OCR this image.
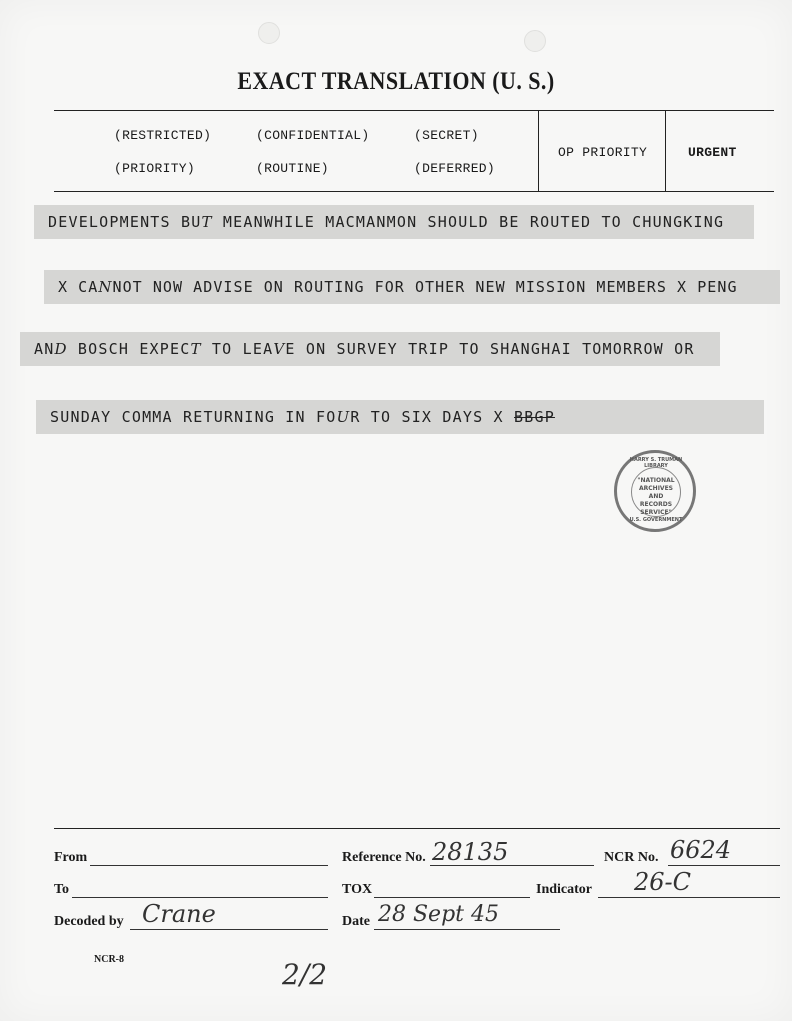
EXACT TRANSLATION (U. S.)
(RESTRICTED)	(CONFIDENTIAL)	(SECRET)
(PRIORITY)	(ROUTINE)	(DEFERRED)
OP PRIORITY	URGENT
DEVELOPMENTS BUT MEANWHILE MACMANMON SHOULD BE ROUTED TO CHUNGKING
X CANNOT NOW ADVISE ON ROUTING FOR OTHER NEW MISSION MEMBERS X PENG
AND BOSCH EXPECT TO LEAVE ON SURVEY TRIP TO SHANGHAI TOMORROW OR
SUNDAY COMMA RETURNING IN FOUR TO SIX DAYS X BBGP
HARRY S. TRUMAN LIBRARY
"NATIONAL ARCHIVES AND RECORDS SERVICE"
U.S. GOVERNMENT
From	Reference No. 28135	NCR No. 6624
To	TOX	Indicator 26-C
Decoded by Crane	Date 28 Sept 45
NCR-8	2/2
